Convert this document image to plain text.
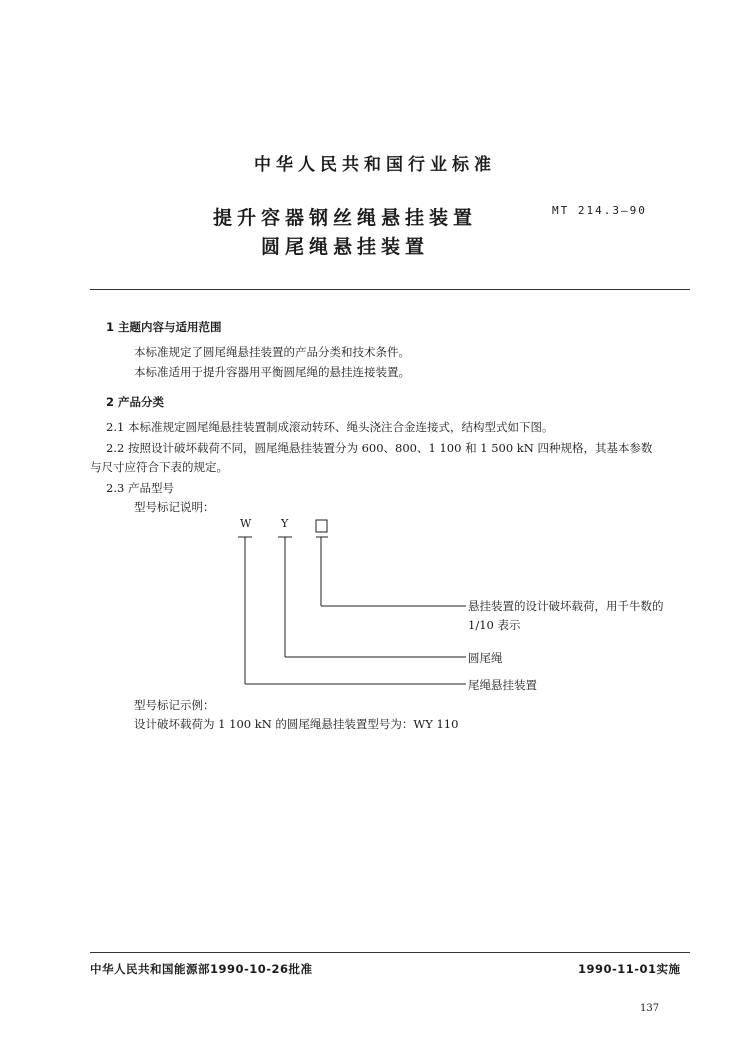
中华人民共和国行业标准
提升容器钢丝绳悬挂装置
圆尾绳悬挂装置
MT 214.3—90
1 主题内容与适用范围
本标准规定了圆尾绳悬挂装置的产品分类和技术条件。
本标准适用于提升容器用平衡圆尾绳的悬挂连接装置。
2 产品分类
2.1 本标准规定圆尾绳悬挂装置制成滚动转环、绳头浇注合金连接式，结构型式如下图。
2.2 按照设计破坏载荷不同，圆尾绳悬挂装置分为 600、800、1 100 和 1 500 kN 四种规格，其基本参数
与尺寸应符合下表的规定。
2.3 产品型号
型号标记说明：
W	Y
悬挂装置的设计破坏载荷，用千牛数的
1/10 表示
圆尾绳
尾绳悬挂装置
型号标记示例：
设计破坏载荷为 1 100 kN 的圆尾绳悬挂装置型号为：WY 110
中华人民共和国能源部1990-10-26批准	1990-11-01实施
137
